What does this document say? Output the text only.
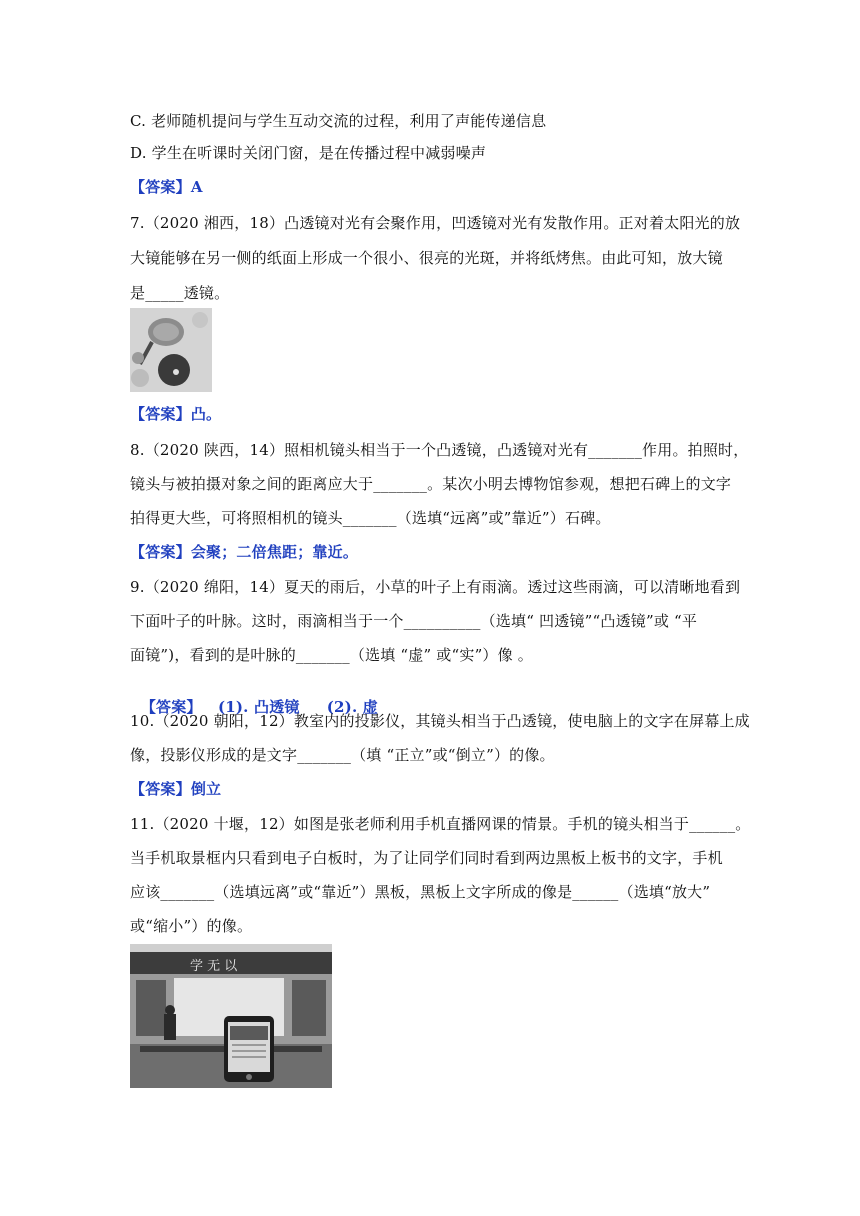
C. 老师随机提问与学生互动交流的过程，利用了声能传递信息
D. 学生在听课时关闭门窗，是在传播过程中减弱噪声
【答案】A
7.（2020 湘西，18）凸透镜对光有会聚作用，凹透镜对光有发散作用。正对着太阳光的放
大镜能够在另一侧的纸面上形成一个很小、很亮的光斑，并将纸烤焦。由此可知，放大镜
是_____透镜。
【答案】凸。
8.（2020 陕西，14）照相机镜头相当于一个凸透镜，凸透镜对光有_______作用。拍照时，
镜头与被拍摄对象之间的距离应大于_______。某次小明去博物馆参观，想把石碑上的文字
拍得更大些，可将照相机的镜头_______（选填“远离”或”靠近”）石碑。
【答案】会聚；二倍焦距；靠近。
9.（2020 绵阳，14）夏天的雨后，小草的叶子上有雨滴。透过这些雨滴，可以清晰地看到
下面叶子的叶脉。这时，雨滴相当于一个__________（选填“ 凹透镜”“凸透镜”或 “平
面镜”)，看到的是叶脉的_______（选填 “虚” 或“实”）像 。

【答案】   (1). 凸透镜     (2). 虚

10.（2020 朝阳，12）教室内的投影仪，其镜头相当于凸透镜，使电脑上的文字在屏幕上成
像，投影仪形成的是文字_______（填 “正立”或“倒立”）的像。
【答案】倒立
11.（2020 十堰，12）如图是张老师利用手机直播网课的情景。手机的镜头相当于______。
当手机取景框内只看到电子白板时，为了让同学们同时看到两边黑板上板书的文字，手机
应该_______（选填远离”或“靠近”）黑板，黑板上文字所成的像是______（选填“放大”
或“缩小”）的像。
学 无 以
